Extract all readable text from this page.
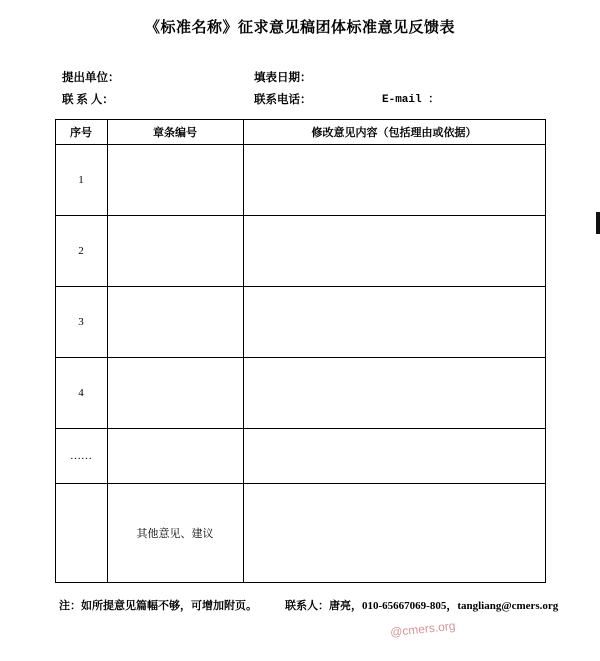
《标准名称》征求意见稿团体标准意见反馈表
提出单位：	填表日期：
联 系 人：	联系电话：	E-mail ：
序号	章条编号	修改意见内容（包括理由或依据）
1		
2		
3		
4		
……		
	其他意见、建议	
注：如所提意见篇幅不够，可增加附页。	联系人：唐亮，010-65667069-805，tangliang@cmers.org
@cmers.org
